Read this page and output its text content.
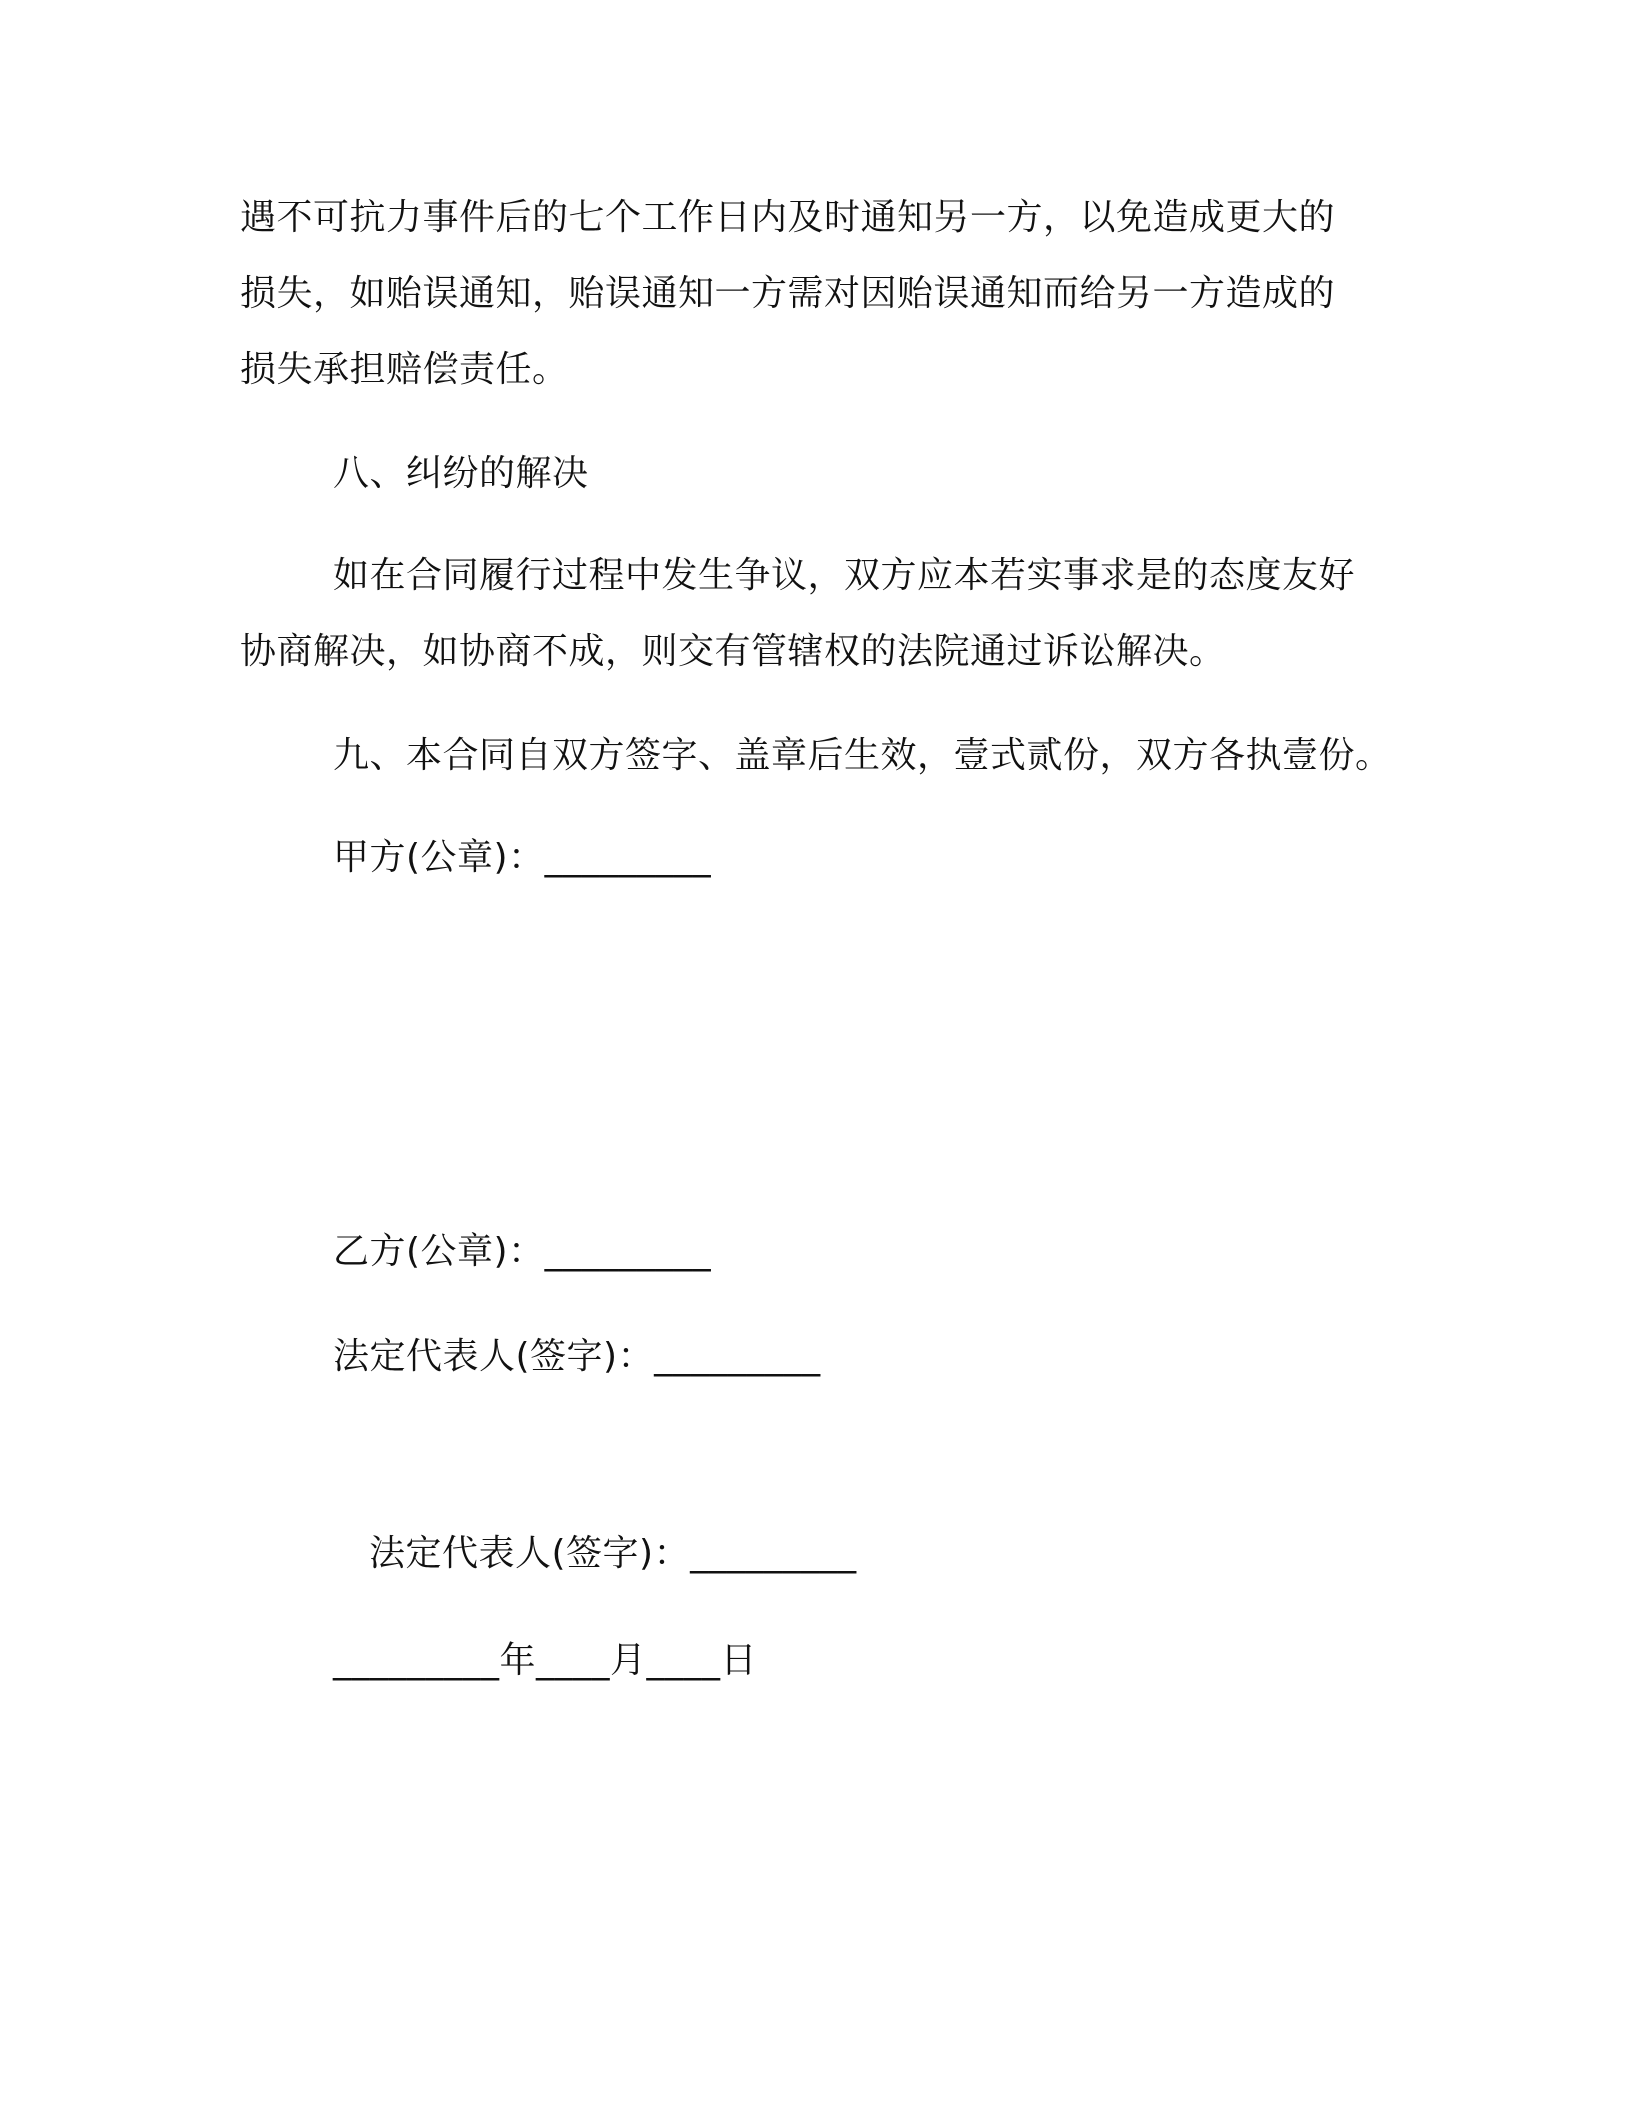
遇不可抗力事件后的七个工作日内及时通知另一方，以免造成更大的
损失，如贻误通知，贻误通知一方需对因贻误通知而给另一方造成的
损失承担赔偿责任。
八、纠纷的解决
如在合同履行过程中发生争议，双方应本若实事求是的态度友好
协商解决，如协商不成，则交有管辖权的法院通过诉讼解决。
九、本合同自双方签字、盖章后生效，壹式贰份，双方各执壹份。
甲方(公章)：_________
乙方(公章)：_________
法定代表人(签字)：_________
法定代表人(签字)：_________
_________年____月____日
